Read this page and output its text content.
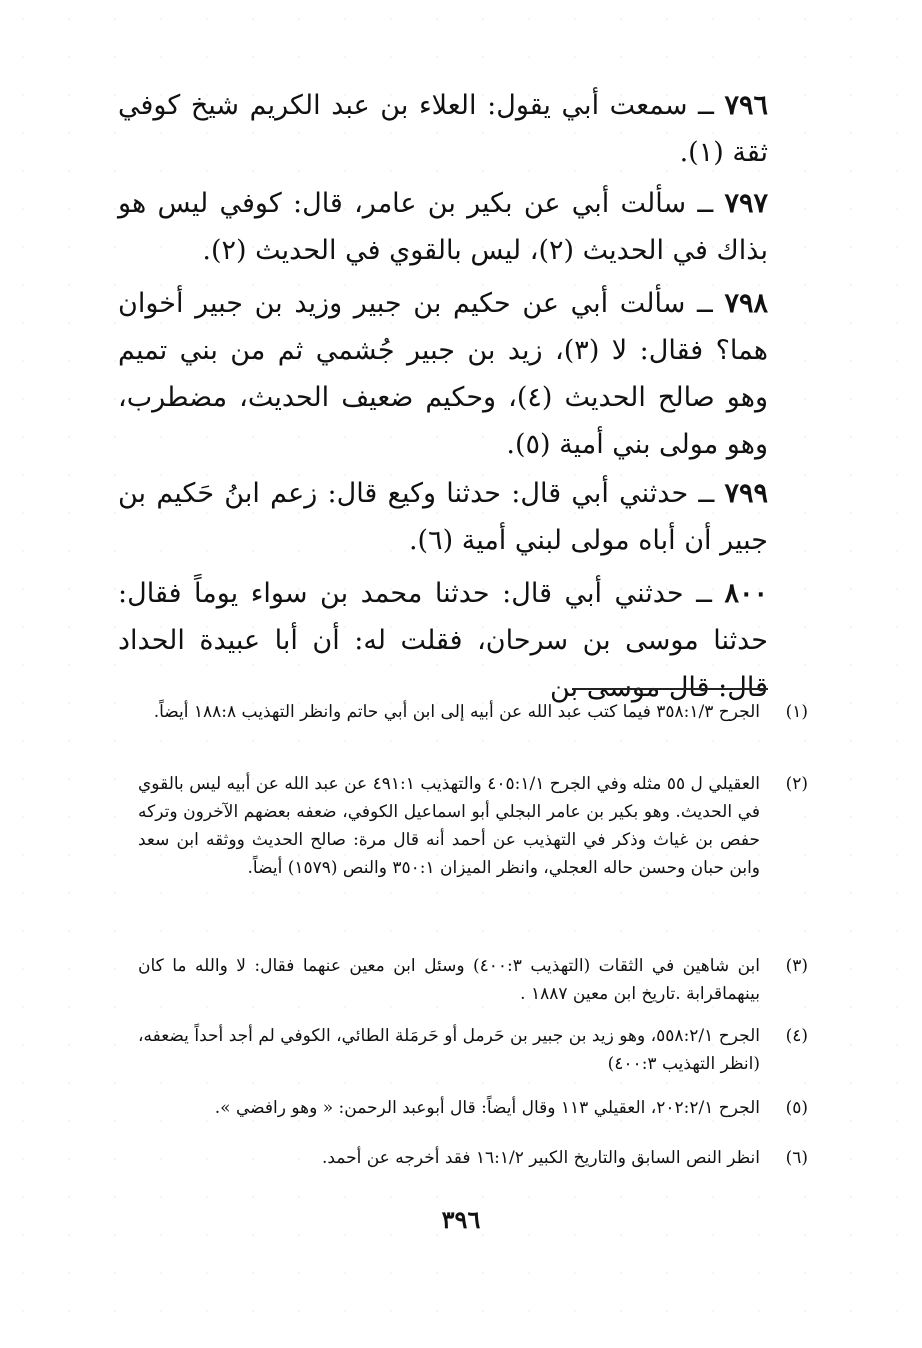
٧٩٦ ــ سمعت أبي يقول: العلاء بن عبد الكريم شيخ كوفي ثقة (١).
٧٩٧ ــ سألت أبي عن بكير بن عامر، قال: كوفي ليس هو بذاك في الحديث (٢)، ليس بالقوي في الحديث (٢).
٧٩٨ ــ سألت أبي عن حكيم بن جبير وزيد بن جبير أخوان هما؟ فقال: لا (٣)، زيد بن جبير جُشمي ثم من بني تميم وهو صالح الحديث (٤)، وحكيم ضعيف الحديث، مضطرب، وهو مولى بني أمية (٥).
٧٩٩ ــ حدثني أبي قال: حدثنا وكيع قال: زعم ابنُ حَكيم بن جبير أن أباه مولى لبني أمية (٦).
٨٠٠ ــ حدثني أبي قال: حدثنا محمد بن سواء يوماً فقال: حدثنا موسى بن سرحان، فقلت له: أن أبا عبيدة الحداد قال: قال موسى بن
(١)
الجرح ٣٥٨:١/٣ فيما كتب عبد الله عن أبيه إلى ابن أبي حاتم وانظر التهذيب ١٨٨:٨ أيضاً.
(٢)
العقيلي ل ٥٥ مثله وفي الجرح ٤٠٥:١/١ والتهذيب ٤٩١:١ عن عبد الله عن أبيه ليس بالقوي في الحديث. وهو بكير بن عامر البجلي أبو اسماعيل الكوفي، ضعفه بعضهم الآخرون وتركه حفص بن غياث وذكر في التهذيب عن أحمد أنه قال مرة: صالح الحديث ووثقه ابن سعد وابن حبان وحسن حاله العجلي، وانظر الميزان ٣٥٠:١ والنص (١٥٧٩) أيضاً.
(٣)
ابن شاهين في الثقات (التهذيب ٤٠٠:٣) وسئل ابن معين عنهما فقال: لا والله ما كان بينهماقرابة .تاريخ ابن معين ١٨٨٧ .
(٤)
الجرح ٥٥٨:٢/١، وهو زيد بن جبير بن حَرمل أو حَرمَلة الطائي، الكوفي لم أجد أحداً يضعفه، (انظر التهذيب ٤٠٠:٣)
(٥)
الجرح ٢٠٢:٢/١، العقيلي ١١٣ وقال أيضاً: قال أبوعبد الرحمن: « وهو رافضي ».
(٦)
انظر النص السابق والتاريخ الكبير ١٦:١/٢ فقد أخرجه عن أحمد.
٣٩٦
